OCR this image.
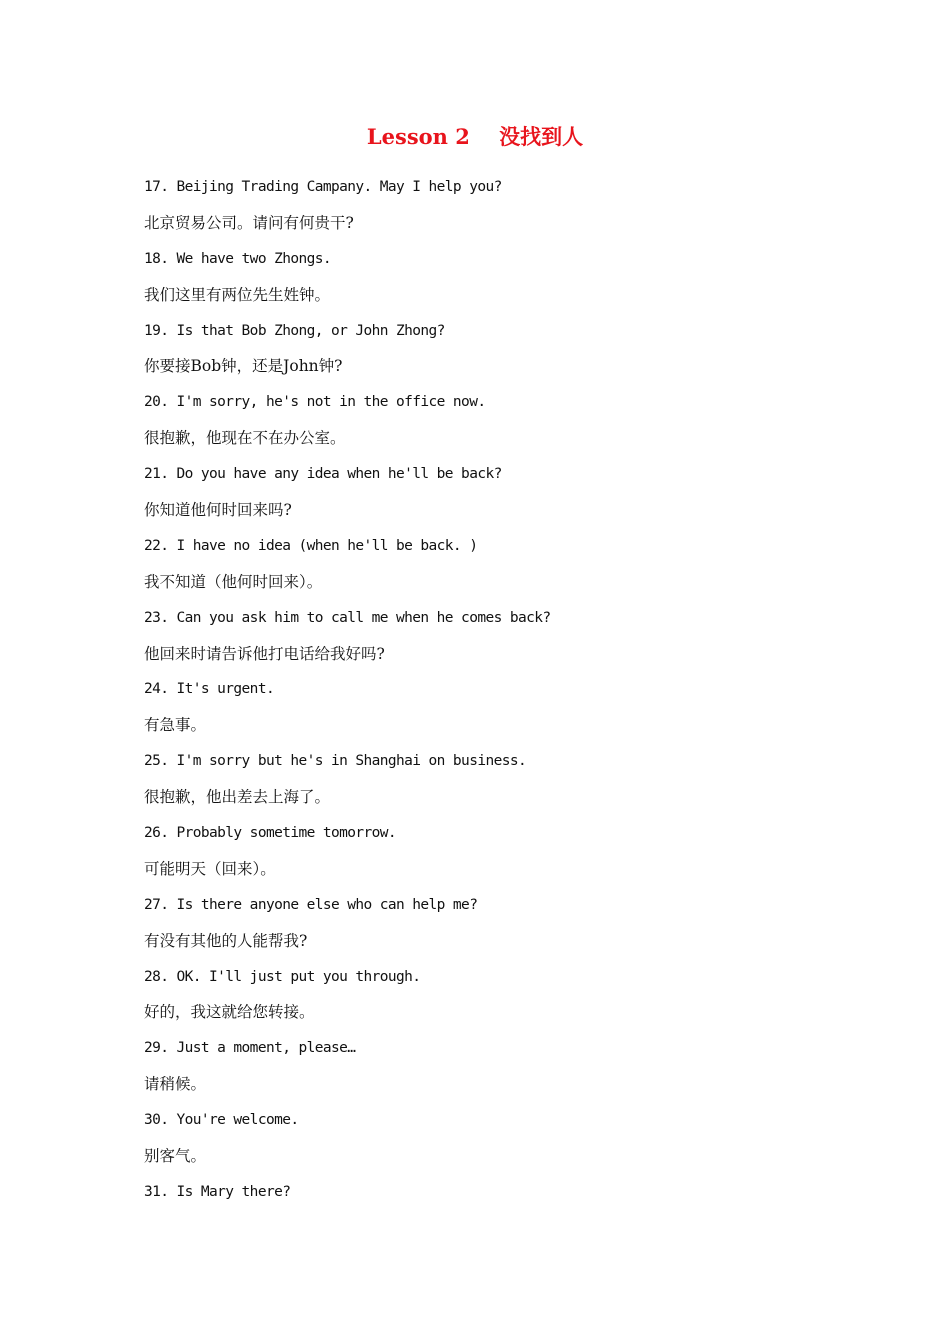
Lesson 2    没找到人
17. Beijing Trading Campany. May I help you?
北京贸易公司。请问有何贵干?
18. We have two Zhongs.
我们这里有两位先生姓钟。
19. Is that Bob Zhong, or John Zhong?
你要接Bob钟，还是John钟?
20. I'm sorry, he's not in the office now.
很抱歉，他现在不在办公室。
21. Do you have any idea when he'll be back?
你知道他何时回来吗?
22. I have no idea (when he'll be back. )
我不知道（他何时回来）。
23. Can you ask him to call me when he comes back?
他回来时请告诉他打电话给我好吗?
24. It's urgent.
有急事。
25. I'm sorry but he's in Shanghai on business.
很抱歉，他出差去上海了。
26. Probably sometime tomorrow.
可能明天（回来）。
27. Is there anyone else who can help me?
有没有其他的人能帮我?
28. OK. I'll just put you through.
好的，我这就给您转接。
29. Just a moment, please…
请稍候。
30. You're welcome.
别客气。
31. Is Mary there?
